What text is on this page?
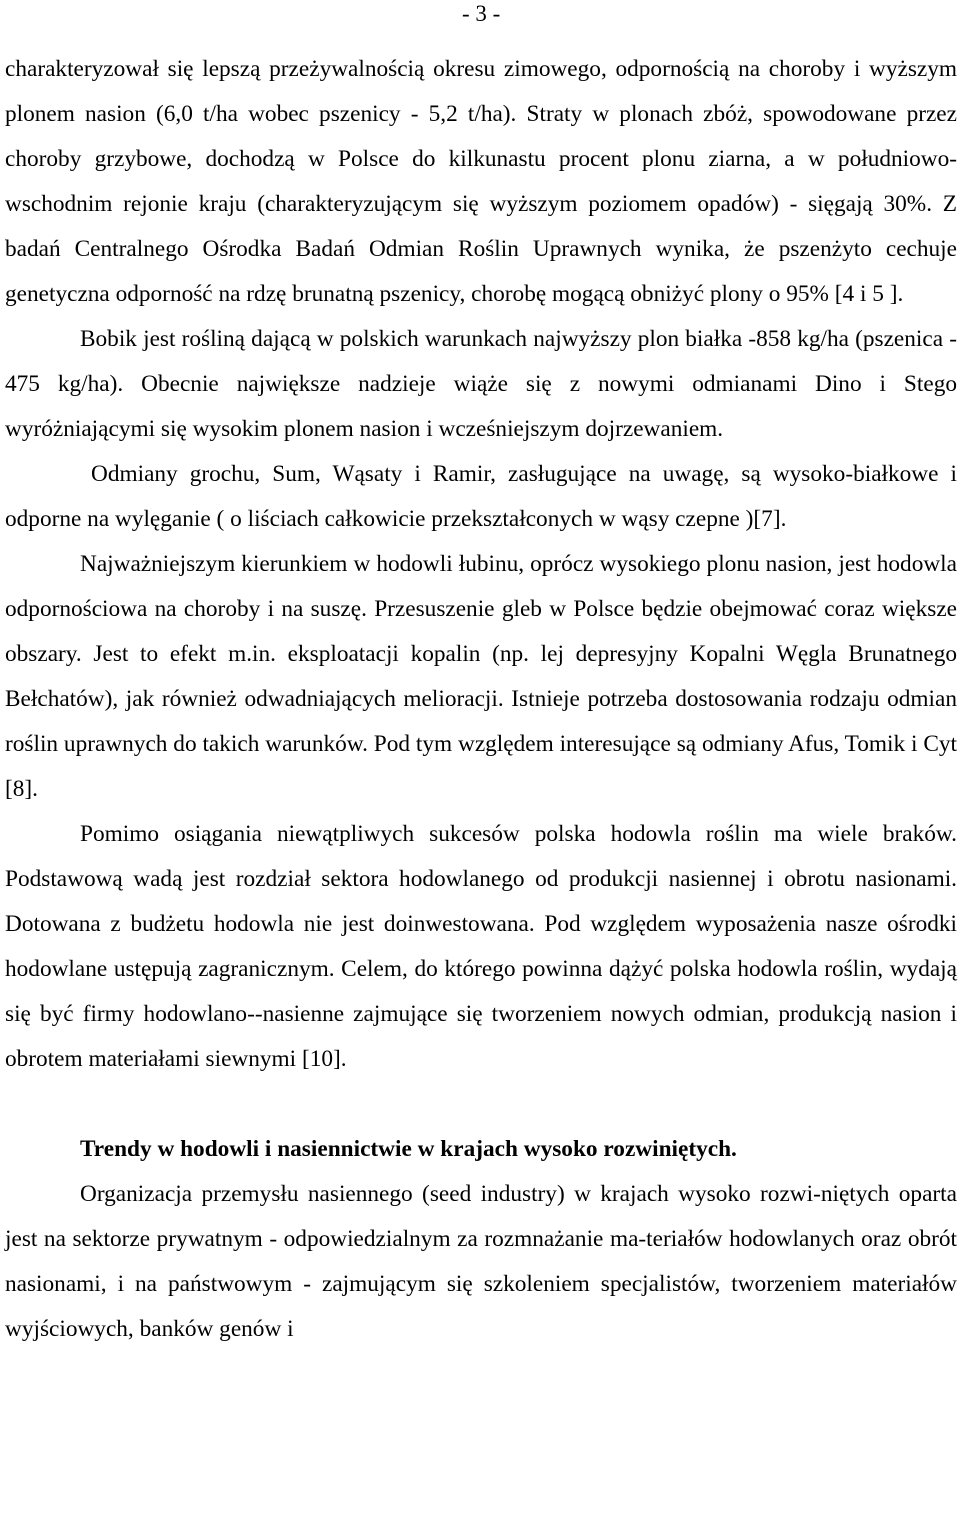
- 3 -

charakteryzował się lepszą przeżywalnością okresu zimowego, odpornością na choroby i wyższym plonem nasion (6,0 t/ha wobec pszenicy - 5,2 t/ha). Straty w plonach zbóż, spowodowane przez choroby grzybowe, dochodzą w Polsce do kilkunastu procent plonu ziarna, a w południowo-wschodnim rejonie kraju (charakteryzującym się wyższym poziomem opadów) - sięgają 30%. Z badań Centralnego Ośrodka Badań Odmian Roślin Uprawnych wynika, że pszenżyto cechuje genetyczna odporność na rdzę brunatną pszenicy, chorobę mogącą obniżyć plony o 95% [4 i 5 ].

Bobik jest rośliną dającą w polskich warunkach najwyższy plon białka -858 kg/ha (pszenica - 475 kg/ha). Obecnie największe nadzieje wiąże się z nowymi odmianami Dino i Stego wyróżniającymi się wysokim plonem nasion i wcześniejszym dojrzewaniem.

Odmiany grochu, Sum, Wąsaty i Ramir, zasługujące na uwagę, są wysoko-białkowe i odporne na wylęganie ( o liściach całkowicie przekształconych w wąsy czepne )[7].

Najważniejszym kierunkiem w hodowli łubinu, oprócz wysokiego plonu nasion, jest hodowla odpornościowa na choroby i na suszę. Przesuszenie gleb w Polsce będzie obejmować coraz większe obszary. Jest to efekt m.in. eksploatacji kopalin (np. lej depresyjny Kopalni Węgla Brunatnego Bełchatów), jak również odwadniających melioracji. Istnieje potrzeba dostosowania rodzaju odmian roślin uprawnych do takich warunków. Pod tym względem interesujące są odmiany Afus, Tomik i Cyt [8].

Pomimo osiągania niewątpliwych sukcesów polska hodowla roślin ma wiele braków. Podstawową wadą jest rozdział sektora hodowlanego od produkcji nasiennej i obrotu nasionami. Dotowana z budżetu hodowla nie jest doinwestowana. Pod względem wyposażenia nasze ośrodki hodowlane ustępują zagranicznym. Celem, do którego powinna dążyć polska hodowla roślin, wydają się być firmy hodowlano--nasienne zajmujące się tworzeniem nowych odmian, produkcją nasion i obrotem materiałami siewnymi [10].

Trendy w hodowli i nasiennictwie w krajach wysoko rozwiniętych.

Organizacja przemysłu nasiennego (seed industry) w krajach wysoko rozwi-niętych oparta jest na sektorze prywatnym - odpowiedzialnym za rozmnażanie ma-teriałów hodowlanych oraz obrót nasionami, i na państwowym - zajmującym się szkoleniem specjalistów, tworzeniem materiałów wyjściowych, banków genów i
